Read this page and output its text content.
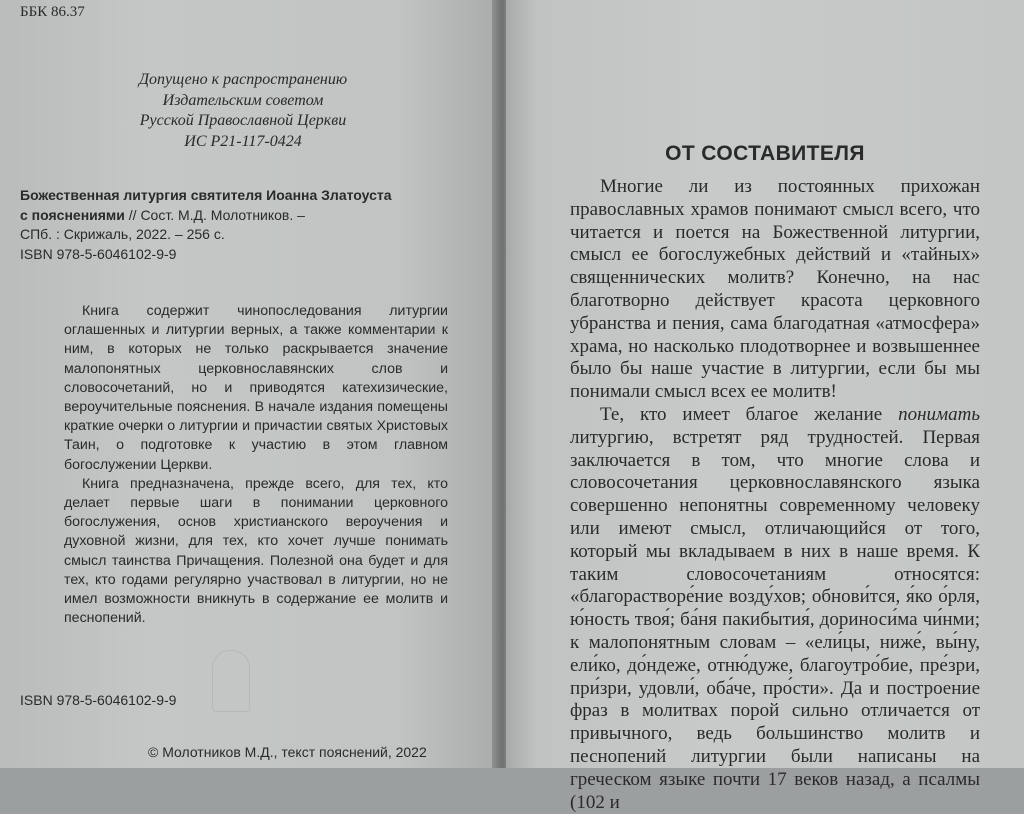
ББК 86.37
Допущено к распространению
Издательским советом
Русской Православной Церкви
ИС Р21-117-0424
Божественная литургия святителя Иоанна Златоуста
с пояснениями // Сост. М.Д. Молотников. –
СПб. : Скрижаль, 2022. – 256 с.
ISBN 978-5-6046102-9-9

Книга содержит чинопоследования литургии оглашенных и литургии верных, а также комментарии к ним, в которых не только раскрывается значение малопонятных церковнославянских слов и словосочетаний, но и приводятся катехизические, вероучительные пояснения. В начале издания помещены краткие очерки о литургии и причастии святых Христовых Таин, о подготовке к участию в этом главном богослужении Церкви.

Книга предназначена, прежде всего, для тех, кто делает первые шаги в понимании церковного богослужения, основ христианского вероучения и духовной жизни, для тех, кто хочет лучше понимать смысл таинства Причащения. Полезной она будет и для тех, кто годами регулярно участвовал в литургии, но не имел возможности вникнуть в содержание ее молитв и песнопений.

ISBN 978-5-6046102-9-9
© Молотников М.Д., текст пояснений, 2022
ОТ СОСТАВИТЕЛЯ

Многие ли из постоянных прихожан православных храмов понимают смысл всего, что читается и поется на Божественной литургии, смысл ее богослужебных действий и «тайных» священнических молитв? Конечно, на нас благотворно действует красота церковного убранства и пения, сама благодатная «атмосфера» храма, но насколько плодотворнее и возвышеннее было бы наше участие в литургии, если бы мы понимали смысл всех ее молитв!

Те, кто имеет благое желание понимать литургию, встретят ряд трудностей. Первая заключается в том, что многие слова и словосочетания церковнославянского языка совершенно непонятны современному человеку или имеют смысл, отличающийся от того, который мы вкладываем в них в наше время. К таким словосочетаниям относятся: «благорастворе́ние возду́хов; обнови́тся, я́ко о́рля, ю́ность твоя́; ба́ня пакибытия́, дориноси́ма чи́нми; к малопонятным словам – «ели́цы, ниже́, вы́ну, ели́ко, до́ндеже, отню́дуже, благоутро́бие, пре́зри, при́зри, удовли́, оба́че, про́сти». Да и построение фраз в молитвах порой сильно отличается от привычного, ведь большинство молитв и песнопений литургии были написаны на греческом языке почти 17 веков назад, а псалмы (102 и
